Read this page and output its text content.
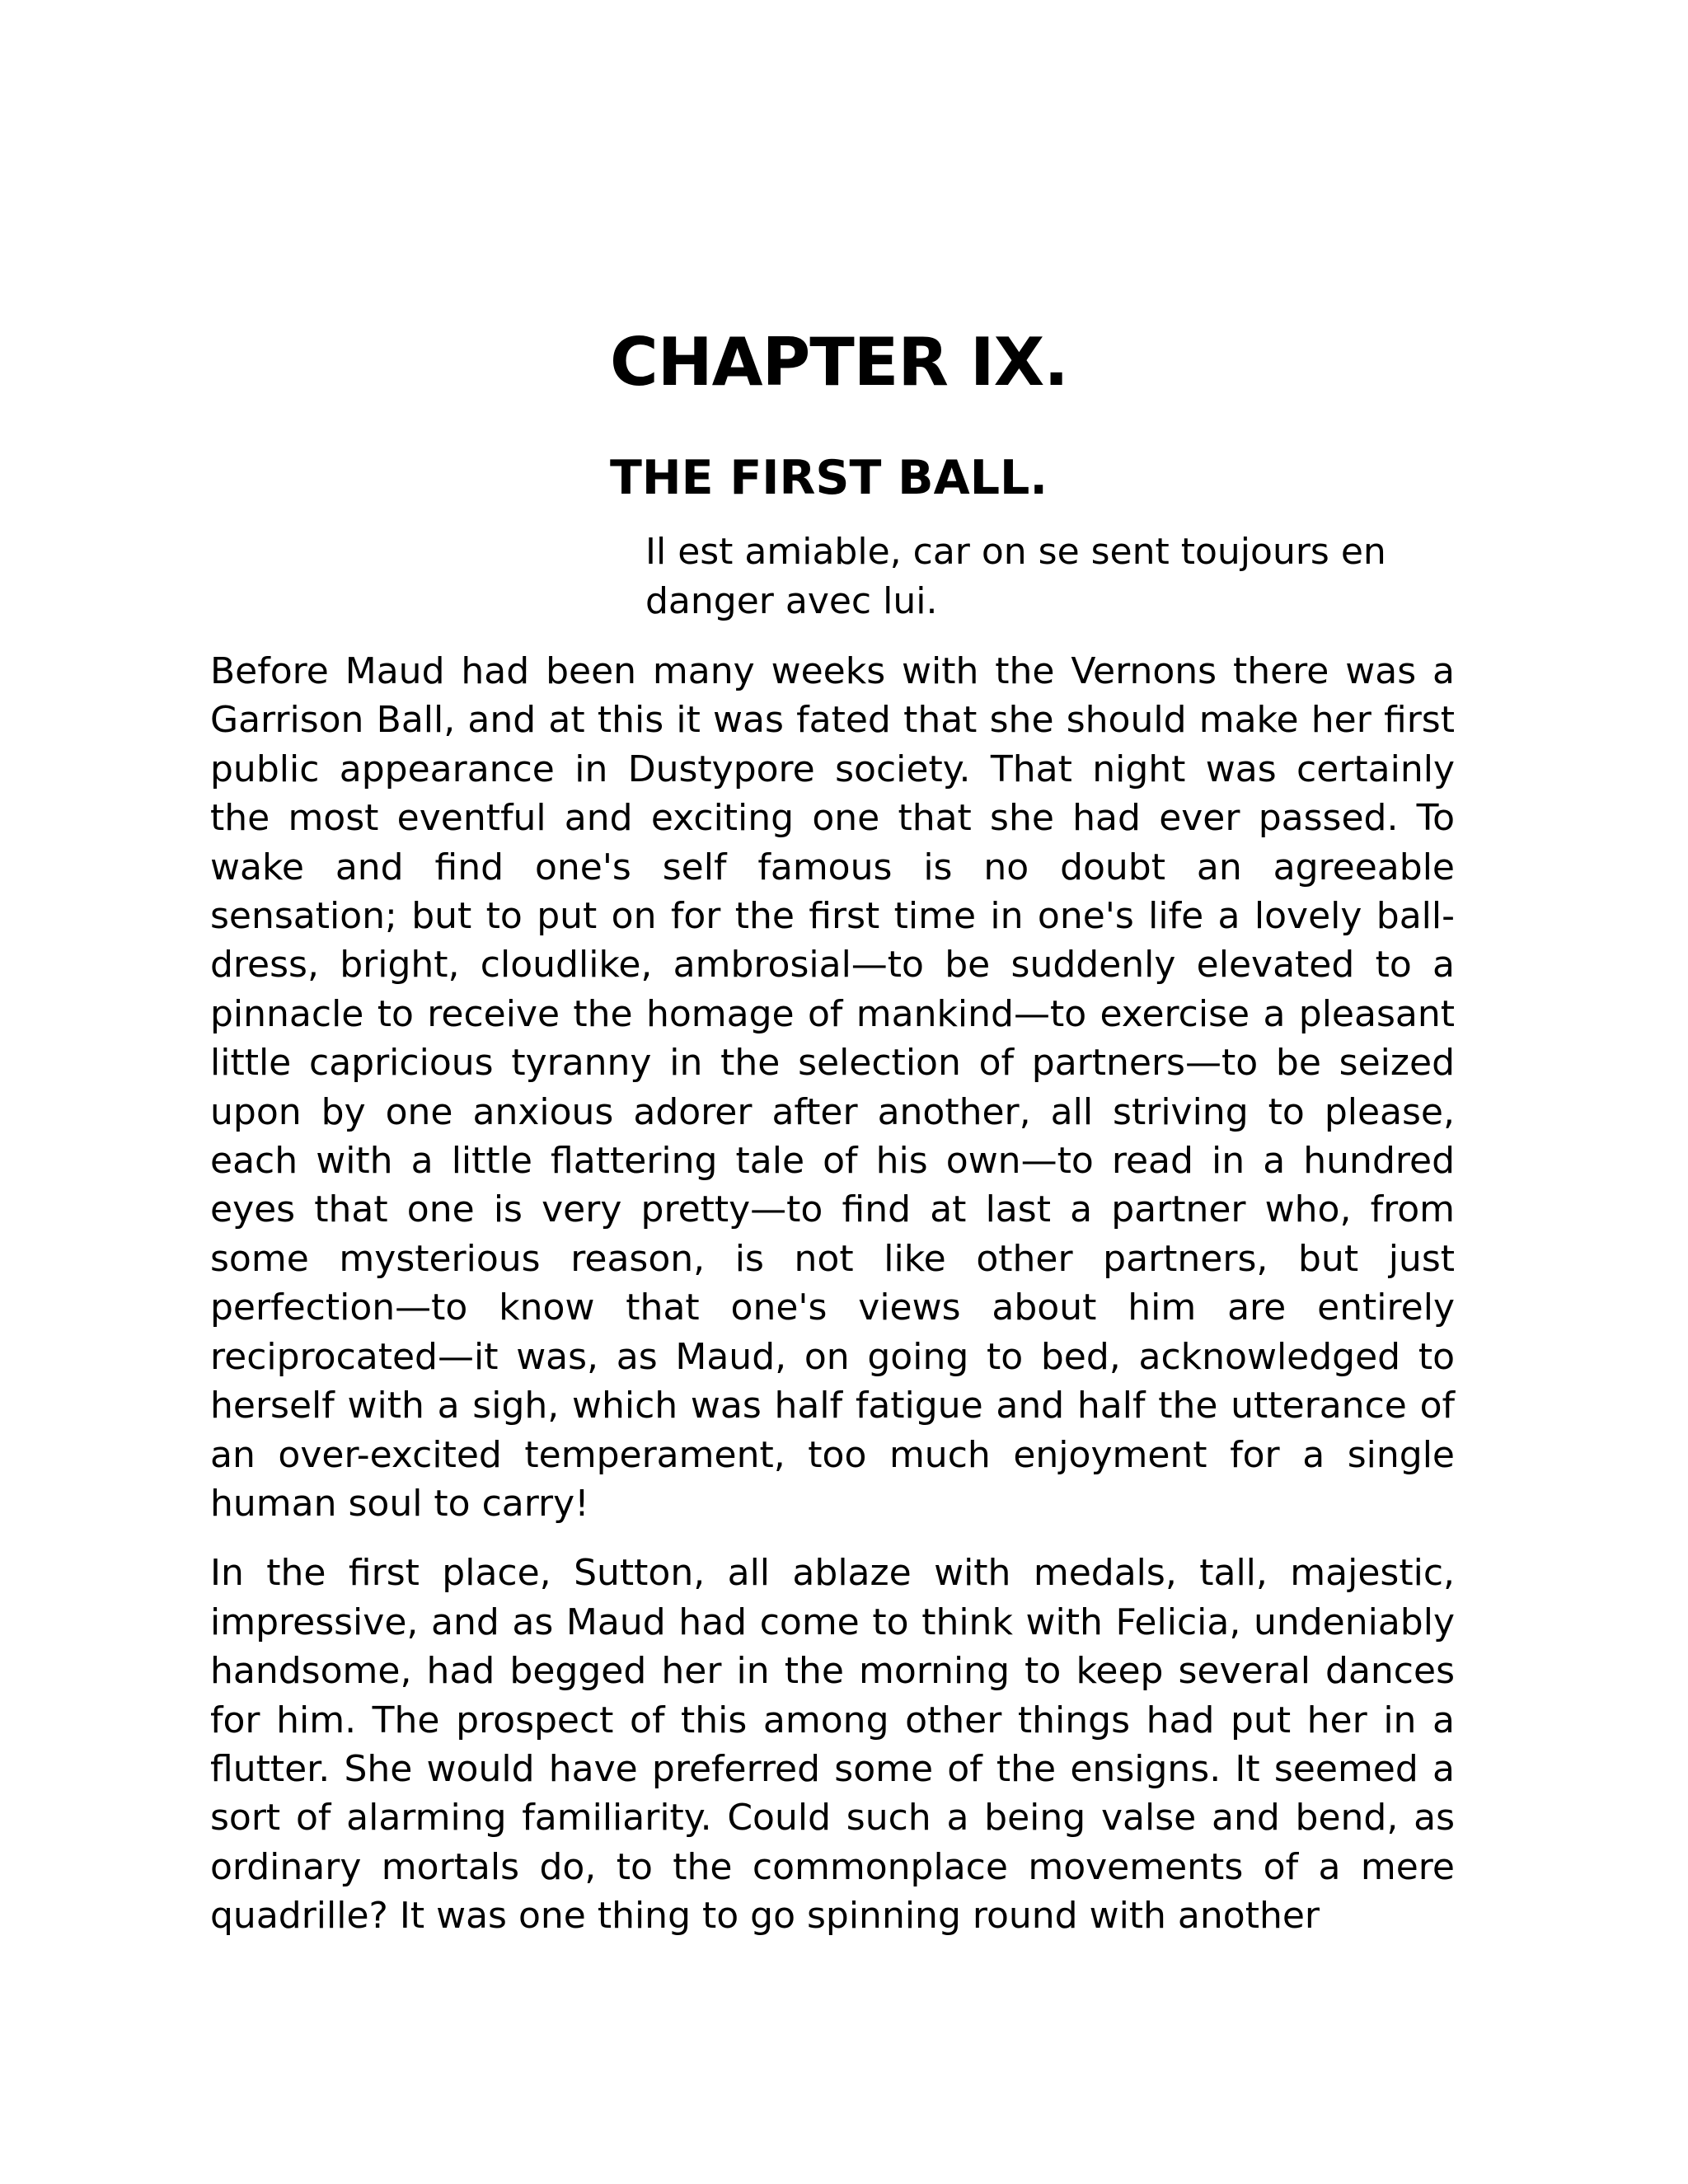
CHAPTER IX.
THE FIRST BALL.

Il est amiable, car on se sent toujours en danger avec lui.

Before Maud had been many weeks with the Vernons there was a Garrison Ball, and at this it was fated that she should make her first public appearance in Dustypore society. That night was certainly the most eventful and exciting one that she had ever passed. To wake and find one's self famous is no doubt an agreeable sensation; but to put on for the first time in one's life a lovely ball-dress, bright, cloudlike, ambrosial—to be suddenly elevated to a pinnacle to receive the homage of mankind—to exercise a pleasant little capricious tyranny in the selection of partners—to be seized upon by one anxious adorer after another, all striving to please, each with a little flattering tale of his own—to read in a hundred eyes that one is very pretty—to find at last a partner who, from some mysterious reason, is not like other partners, but just perfection—to know that one's views about him are entirely reciprocated—it was, as Maud, on going to bed, acknowledged to herself with a sigh, which was half fatigue and half the utterance of an over-excited temperament, too much enjoyment for a single human soul to carry!

In the first place, Sutton, all ablaze with medals, tall, majestic, impressive, and as Maud had come to think with Felicia, undeniably handsome, had begged her in the morning to keep several dances for him. The prospect of this among other things had put her in a flutter. She would have preferred some of the ensigns. It seemed a sort of alarming familiarity. Could such a being valse and bend, as ordinary mortals do, to the commonplace movements of a mere quadrille? It was one thing to go spinning round with another
